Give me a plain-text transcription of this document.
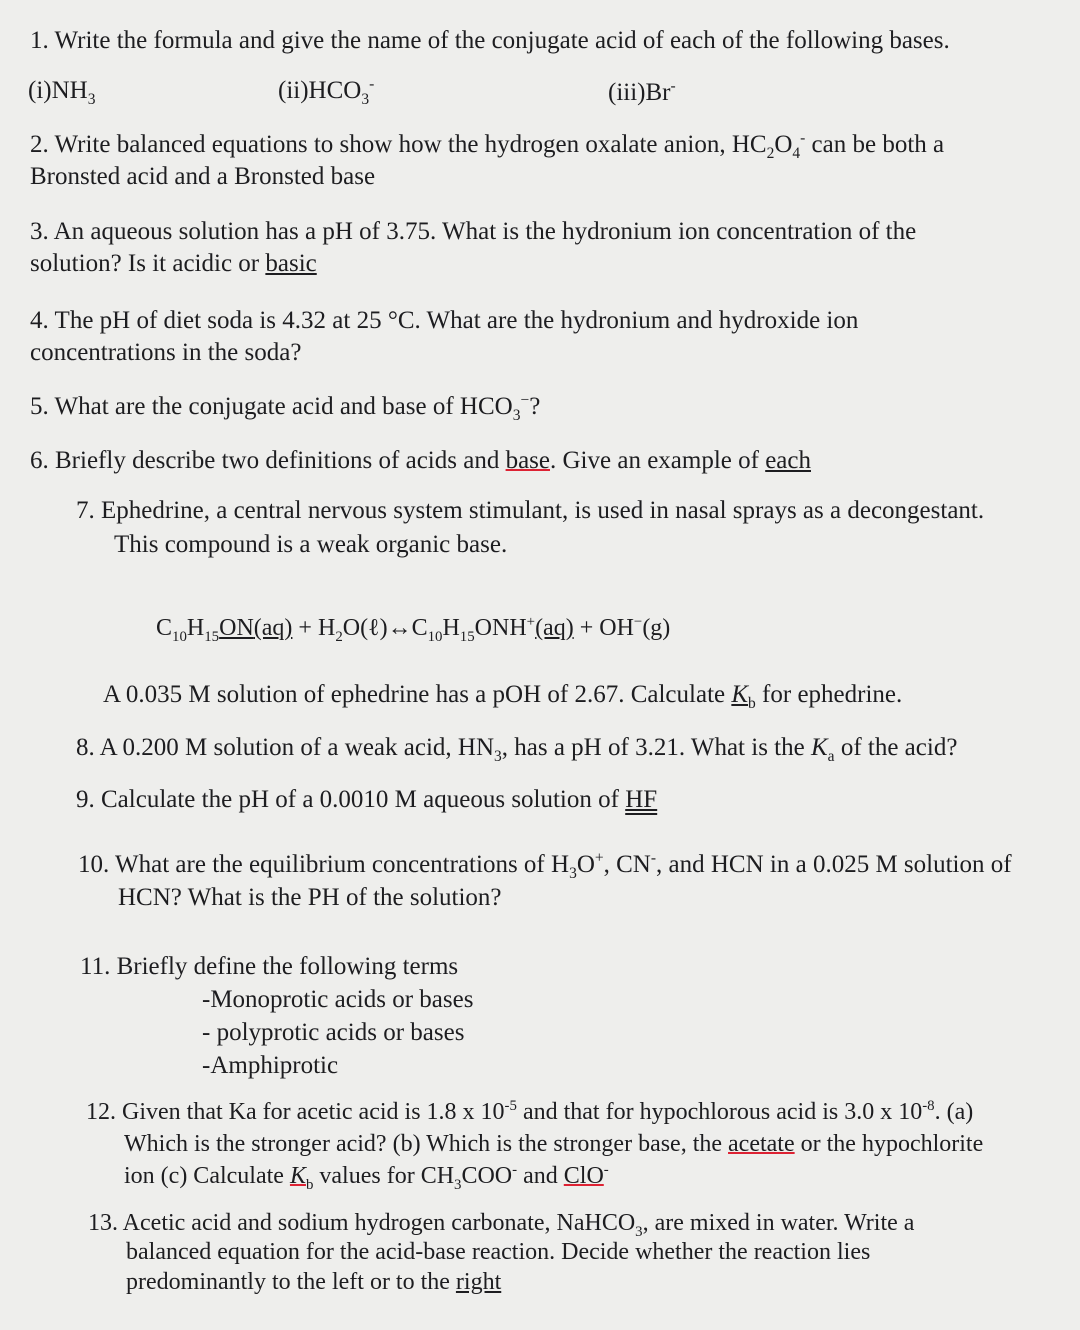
1. Write the formula and give the name of the conjugate acid of each of the following bases.
$(i)NH_3$	$(ii)HCO_3^-$	(iii)Br-
2. Write balanced equations to show how the hydrogen oxalate anion, $HC_2O_4^-$ can be both a
Bronsted acid and a Bronsted base
3. An aqueous solution has a pH of 3.75. What is the hydronium ion concentration of the
solution? Is it acidic or basic
4. The pH of diet soda is 4.32 at 25 °C. What are the hydronium and hydroxide ion
concentrations in the soda?
5. What are the conjugate acid and base of $HCO_3^-$?
6. Briefly describe two definitions of acids and base. Give an example of each
7. Ephedrine, a central nervous system stimulant, is used in nasal sprays as a decongestant.
This compound is a weak organic base.
$C_{10}H_{15}ON(aq)$ + $H_2O(\ell)\leftrightarrow C_{10}H_{15}ONH^+(aq) + OH^-(g)$
A 0.035 M solution of ephedrine has a pOH of 2.67. Calculate $K_b$ for ephedrine.
8. A 0.200 M solution of a weak acid, $HN_3$, has a pH of 3.21. What is the $K_a$ of the acid?
9. Calculate the pH of a 0.0010 M aqueous solution of HF
10. What are the equilibrium concentrations of $H_3O^+$, CN-, and HCN in a 0.025 M solution of
HCN? What is the PH of the solution?
11. Briefly define the following terms
-Monoprotic acids or bases
- polyprotic acids or bases
-Amphiprotic
12. Given that Ka for acetic acid is 1.8 x $10^{-5}$ and that for hypochlorous acid is 3.0 x $10^{-8}$. (a)
Which is the stronger acid? (b) Which is the stronger base, the acetate or the hypochlorite
ion (c) Calculate $K_b$ values for $CH_3COO^-$ and ClO-
13. Acetic acid and sodium hydrogen carbonate, NaHCO$_3$, are mixed in water. Write a
balanced equation for the acid-base reaction. Decide whether the reaction lies
predominantly to the left or to the right
